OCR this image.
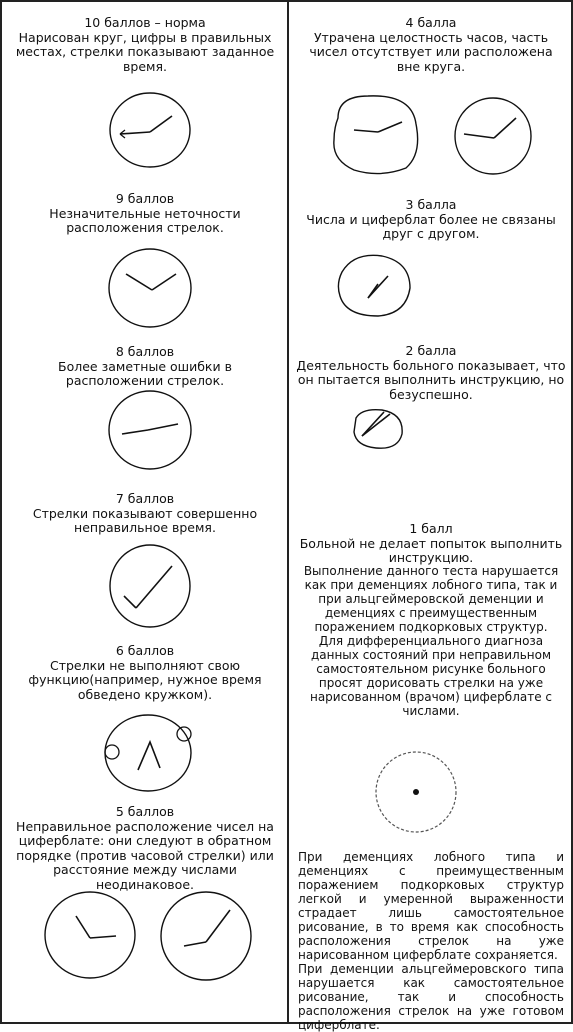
10 баллов – норма

Нарисован круг, цифры в правильных местах, стрелки показывают заданное время.

9 баллов

Незначительные неточности расположения стрелок.

8 баллов

Более заметные ошибки в расположении стрелок.

7 баллов

Стрелки показывают совершенно неправильное время.

6 баллов

Стрелки не выполняют свою функцию(например, нужное время обведено кружком).

5 баллов

Неправильное расположение чисел на циферблате: они следуют в обратном порядке (против часовой стрелки) или расстояние между числами неодинаковое.

4 балла

Утрачена целостность часов, часть чисел отсутствует или расположена вне круга.

3 балла

Числа и циферблат более не связаны друг с другом.

2 балла

Деятельность больного показывает, что он пытается выполнить инструкцию, но безуспешно.

1 балл

Больной не делает попыток выполнить инструкцию.

Выполнение данного теста нарушается как при деменциях лобного типа, так и при альцгеймеровской деменции и деменциях с преимущественным поражением подкорковых структур.

Для дифференциального диагноза данных состояний при неправильном самостоятельном рисунке больного просят дорисовать стрелки на уже нарисованном (врачом) циферблате с числами.

При деменциях лобного типа и деменциях с преимущественным поражением подкорковых структур легкой и умеренной выраженности страдает лишь самостоятельное рисование, в то время как способность расположения стрелок на уже нарисованном циферблате сохраняется.

При деменции альцгеймеровского типа нарушается как самостоятельное рисование, так и способность расположения стрелок на уже готовом циферблате.
